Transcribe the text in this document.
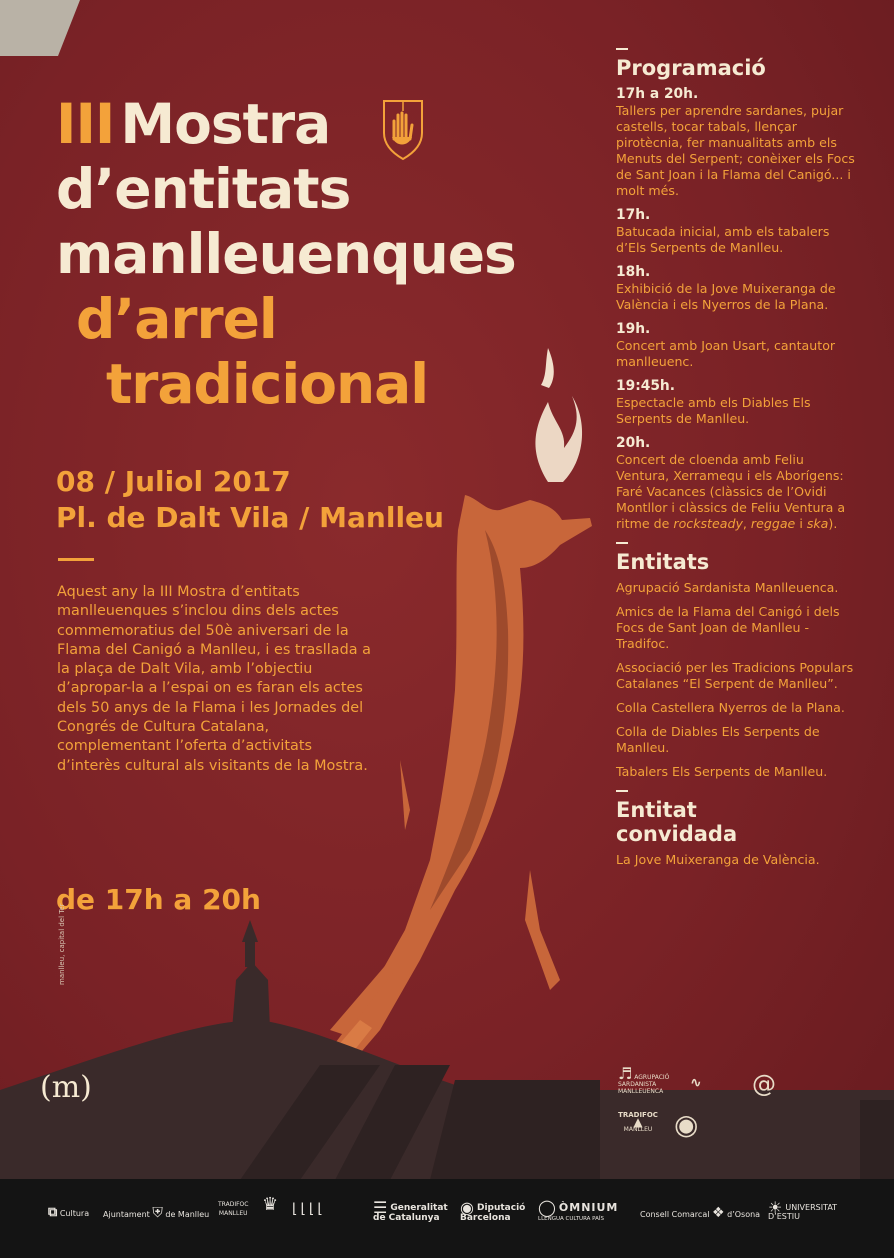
III Mostra
d’entitats
manlleuenques
d’arrel
tradicional
08 / Juliol 2017
Pl. de Dalt Vila / Manlleu
Aquest any la III Mostra d’entitats manlleuenques s’inclou dins dels actes commemoratius del 50è aniversari de la Flama del Canigó a Manlleu, i es trasllada a la plaça de Dalt Vila, amb l’objectiu d’apropar-la a l’espai on es faran els actes dels 50 anys de la Flama i les Jornades del Congrés de Cultura Catalana, complementant l’oferta d’activitats d’interès cultural als visitants de la Mostra.
de 17h a 20h
manlleu, capital del Ter
(m)
Programació
17h a 20h.
Tallers per aprendre sardanes, pujar castells, tocar tabals, llençar pirotècnia, fer manualitats amb els Menuts del Serpent; conèixer els Focs de Sant Joan i la Flama del Canigó... i molt més.
17h.
Batucada inicial, amb els tabalers d’Els Serpents de Manlleu.
18h.
Exhibició de la Jove Muixeranga de València i els Nyerros de la Plana.
19h.
Concert amb Joan Usart, cantautor manlleuenc.
19:45h.
Espectacle amb els Diables Els Serpents de Manlleu.
20h.
Concert de cloenda amb Feliu Ventura, Xerramequ i els Aborígens: Faré Vacances (clàssics de l’Ovidi Montllor i clàssics de Feliu Ventura a ritme de rocksteady, reggae i ska).
Entitats
Agrupació Sardanista Manlleuenca.
Amics de la Flama del Canigó i dels Focs de Sant Joan de Manlleu - Tradifoc.
Associació per les Tradicions Populars Catalanes “El Serpent de Manlleu”.
Colla Castellera Nyerros de la Plana.
Colla de Diables Els Serpents de Manlleu.
Tabalers Els Serpents de Manlleu.
Entitat
convidada
La Jove Muixeranga de València.
♬ AGRUPACIÓ SARDANISTA MANLLEUENCA
∿ @
TRADIFOC
▲
MANLLEU ◉
⧉ Cultura Ajuntament ⛨ de Manlleu
TRADIFOC
MANLLEU ♛ ⌊⌊⌊⌊	☰ Generalitat
de Catalunya
◉ Diputació
Barcelona
◯ ÒMNIUM
LLENGUA CULTURA PAÍS	Consell Comarcal ❖ d’Osona ☀ UNIVERSITAT
D’ESTIU
